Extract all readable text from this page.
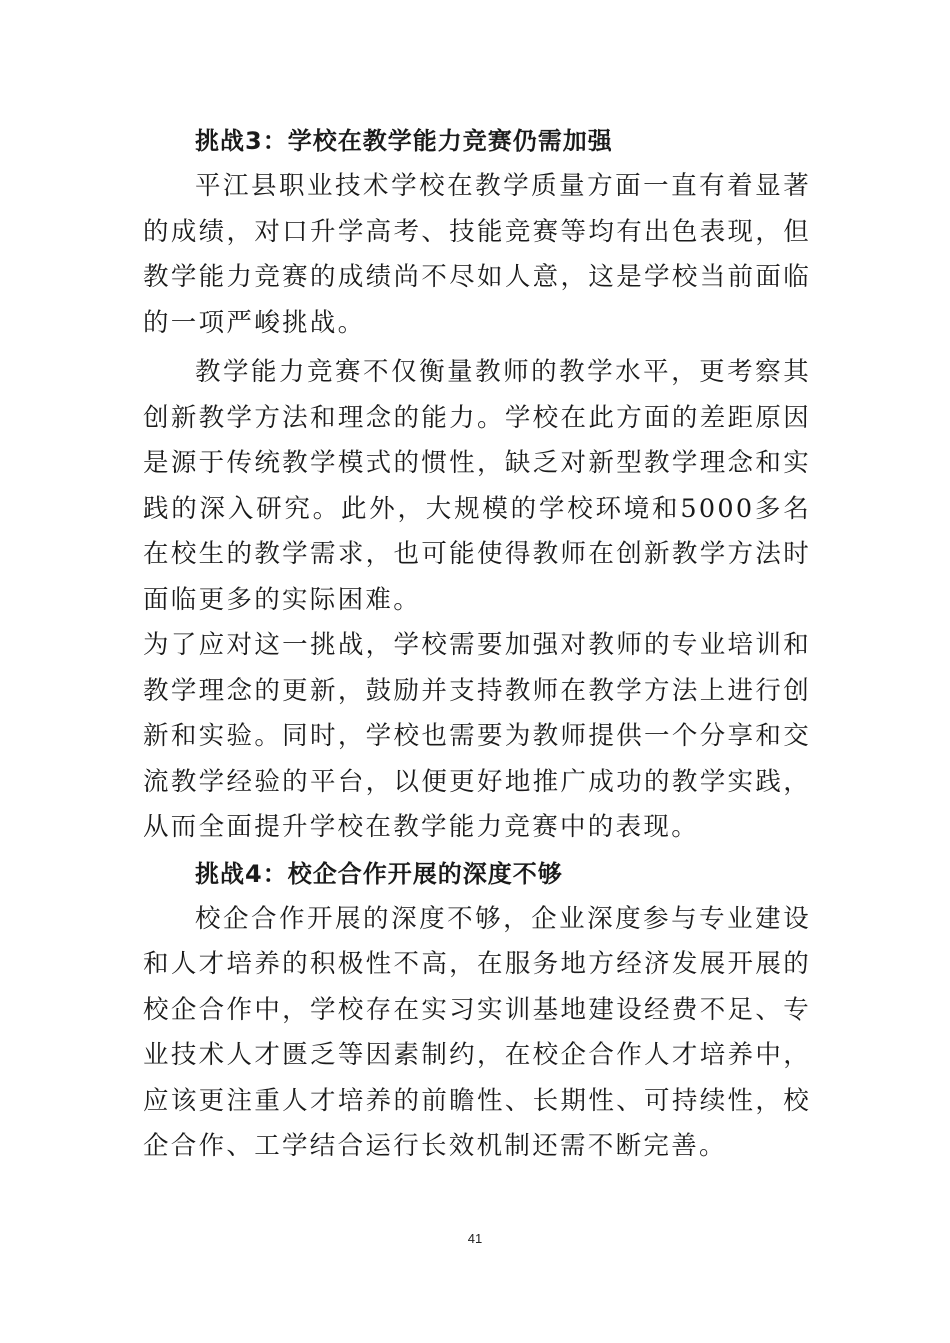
挑战3：学校在教学能力竞赛仍需加强

平江县职业技术学校在教学质量方面一直有着显著的成绩，对口升学高考、技能竞赛等均有出色表现，但教学能力竞赛的成绩尚不尽如人意，这是学校当前面临的一项严峻挑战。

教学能力竞赛不仅衡量教师的教学水平，更考察其创新教学方法和理念的能力。学校在此方面的差距原因是源于传统教学模式的惯性，缺乏对新型教学理念和实践的深入研究。此外，大规模的学校环境和5000多名在校生的教学需求，也可能使得教师在创新教学方法时面临更多的实际困难。

为了应对这一挑战，学校需要加强对教师的专业培训和教学理念的更新，鼓励并支持教师在教学方法上进行创新和实验。同时，学校也需要为教师提供一个分享和交流教学经验的平台，以便更好地推广成功的教学实践，从而全面提升学校在教学能力竞赛中的表现。

挑战4：校企合作开展的深度不够

校企合作开展的深度不够，企业深度参与专业建设和人才培养的积极性不高，在服务地方经济发展开展的校企合作中，学校存在实习实训基地建设经费不足、专业技术人才匮乏等因素制约，在校企合作人才培养中，应该更注重人才培养的前瞻性、长期性、可持续性，校企合作、工学结合运行长效机制还需不断完善。

41
